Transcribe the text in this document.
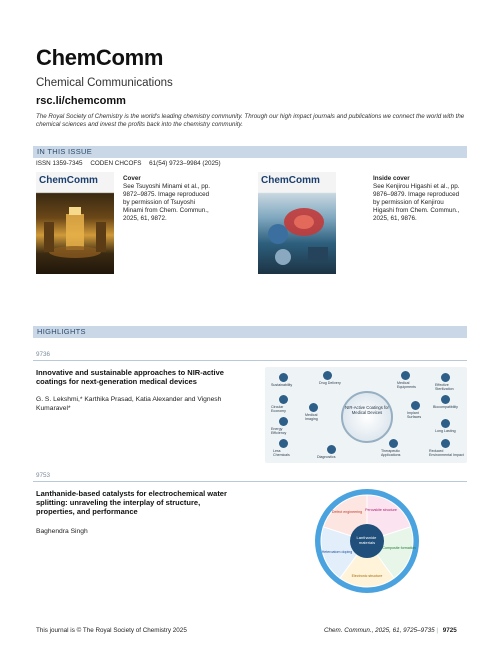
ChemComm
Chemical Communications
rsc.li/chemcomm
The Royal Society of Chemistry is the world's leading chemistry community. Through our high impact journals and publications we connect the world with the chemical sciences and invest the profits back into the chemistry community.
IN THIS ISSUE
ISSN 1359-7345 CODEN CHCOFS 61(54) 9723–9984 (2025)
ChemComm	Cover
See Tsuyoshi Minami et al., pp. 9872–9875. Image reproduced by permission of Tsuyoshi Minami from Chem. Commun., 2025, 61, 9872.
ChemComm	Inside cover
See Kenjirou Higashi et al., pp. 9876–9879. Image reproduced by permission of Kenjirou Higashi from Chem. Commun., 2025, 61, 9876.
HIGHLIGHTS
9736
Innovative and sustainable approaches to NIR-active coatings for next-generation medical devices
G. S. Lekshmi,* Karthika Prasad, Katia Alexander and Vignesh Kumaravel*	NIR-Active Coatings for Medical Devices
Sustainability	Drug Delivery	Medical Equipments
Effective Sterilization
Circular Economy
Biocompatibility
Medical Imaging
Implant Surfaces
Energy Efficiency
Long Lasting
Less Chemicals	Diagnostics
Therapeutic Applications
Reduced Environmental Impact
9753
Lanthanide-based catalysts for electrochemical water splitting: unraveling the interplay of structure, properties, and performance
Baghendra Singh
Lanthanide materials
Perovskite structure
Composite formation
Electronic structure
Heteroatom doping
Defect engineering
This journal is © The Royal Society of Chemistry 2025	Chem. Commun., 2025, 61, 9725–9735 | 9725
